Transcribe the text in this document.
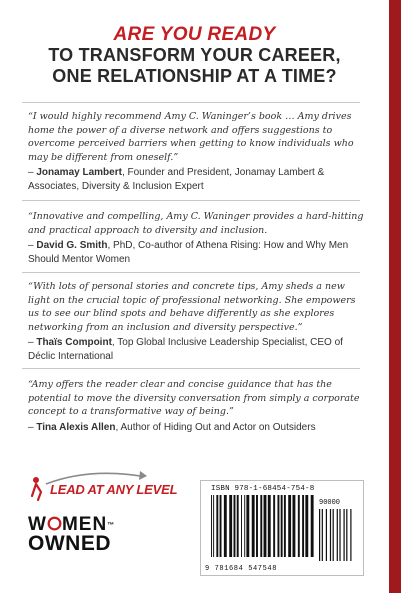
ARE YOU READY
TO TRANSFORM YOUR CAREER,
ONE RELATIONSHIP AT A TIME?
“I would highly recommend Amy C. Waninger’s book … Amy drives home the power of a diverse network and offers suggestions to overcome perceived barriers when getting to know individuals who may be different from oneself.”
– Jonamay Lambert, Founder and President, Jonamay Lambert & Associates, Diversity & Inclusion Expert
“Innovative and compelling, Amy C. Waninger provides a hard-hitting and practical approach to diversity and inclusion.
– David G. Smith, PhD, Co-author of Athena Rising: How and Why Men Should Mentor Women
“With lots of personal stories and concrete tips, Amy sheds a new light on the crucial topic of professional networking. She empowers us to see our blind spots and behave differently as she explores networking from an inclusion and diversity perspective.”
– Thaïs Compoint, Top Global Inclusive Leadership Specialist, CEO of Déclic International
“Amy offers the reader clear and concise guidance that has the potential to move the diversity conversation from simply a corporate concept to a transformative way of being.”
– Tina Alexis Allen, Author of Hiding Out and Actor on Outsiders
LEAD AT ANY LEVEL
W MEN™
OWNED
ISBN 978-1-68454-754-8
90000
9 781684 547548
